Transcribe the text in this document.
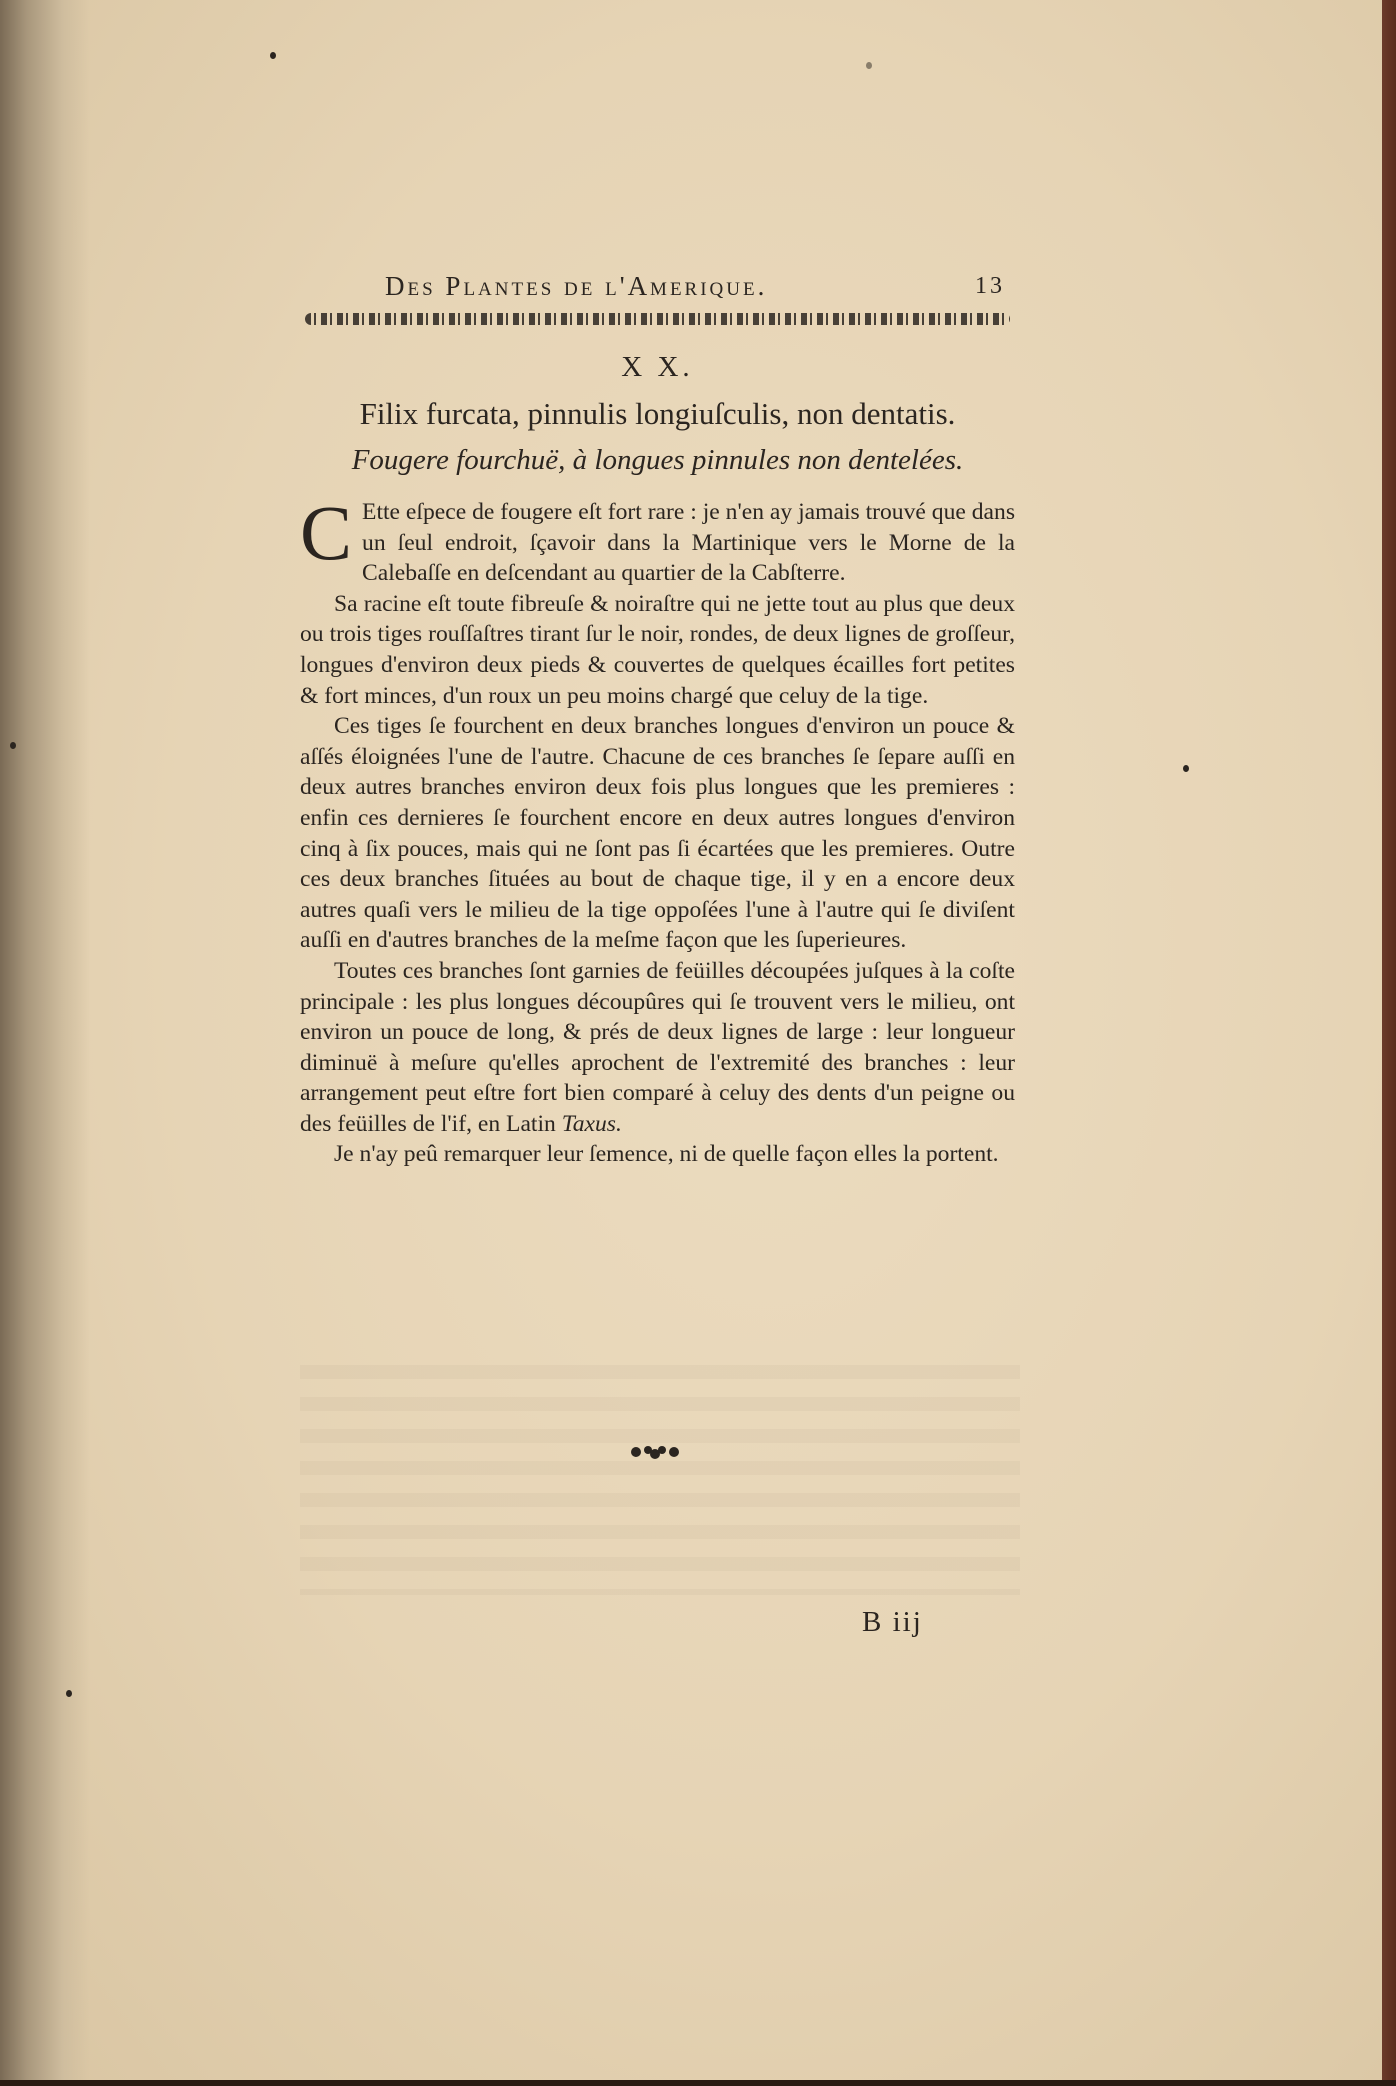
Des Plantes de l'Amerique.	13
X X.
Filix furcata, pinnulis longiuſculis, non dentatis.
Fougere fourchuë, à longues pinnules non dentelées.

C Ette eſpece de fougere eſt fort rare : je n'en ay jamais trouvé que dans un ſeul endroit, ſçavoir dans la Martinique vers le Morne de la Calebaſſe en deſcendant au quartier de la Cabſterre.

Sa racine eſt toute fibreuſe & noiraſtre qui ne jette tout au plus que deux ou trois tiges rouſſaſtres tirant ſur le noir, rondes, de deux lignes de groſſeur, longues d'environ deux pieds & couvertes de quelques écailles fort petites & fort minces, d'un roux un peu moins chargé que celuy de la tige.

Ces tiges ſe fourchent en deux branches longues d'environ un pouce & aſſés éloignées l'une de l'autre. Chacune de ces branches ſe ſepare auſſi en deux autres branches environ deux fois plus longues que les premieres : enfin ces dernieres ſe fourchent encore en deux autres longues d'environ cinq à ſix pouces, mais qui ne ſont pas ſi écartées que les premieres. Outre ces deux branches ſituées au bout de chaque tige, il y en a encore deux autres quaſi vers le milieu de la tige oppoſées l'une à l'autre qui ſe diviſent auſſi en d'autres branches de la meſme façon que les ſuperieures.

Toutes ces branches ſont garnies de feüilles découpées juſques à la coſte principale : les plus longues découpûres qui ſe trouvent vers le milieu, ont environ un pouce de long, & prés de deux lignes de large : leur longueur diminuë à meſure qu'elles aprochent de l'extremité des branches : leur arrangement peut eſtre fort bien comparé à celuy des dents d'un peigne ou des feüilles de l'if, en Latin Taxus.

Je n'ay peû remarquer leur ſemence, ni de quelle façon elles la portent.

B iij
